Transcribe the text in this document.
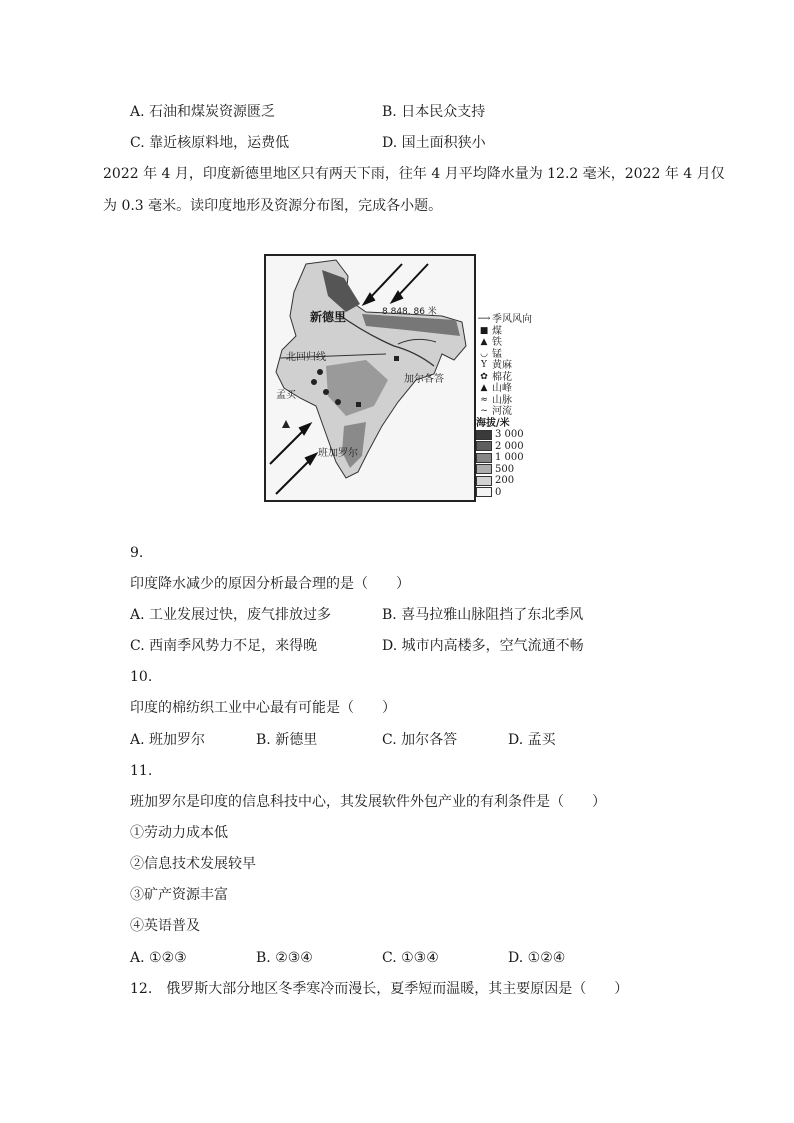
A. 石油和煤炭资源匮乏	B. 日本民众支持
C. 靠近核原料地，运费低	D. 国土面积狭小
2022 年 4 月，印度新德里地区只有两天下雨，往年 4 月平均降水量为 12.2 毫米，2022 年 4 月仅
为 0.3 毫米。读印度地形及资源分布图，完成各小题。
新德里	8 848. 86 米
北回归线
加尔各答
孟买
班加罗尔
⟶ 季风风向
■ 煤
▲ 铁
◡ 锰
Y 黄麻
✿ 棉花
▲ 山峰
≈ 山脉
~ 河流
海拔/米
3 000
2 000
1 000
500
200
0
9.
印度降水减少的原因分析最合理的是（　　）
A. 工业发展过快，废气排放过多	B. 喜马拉雅山脉阻挡了东北季风
C. 西南季风势力不足，来得晚	D. 城市内高楼多，空气流通不畅
10.
印度的棉纺织工业中心最有可能是（　　）
A. 班加罗尔	B. 新德里	C. 加尔各答	D. 孟买
11.
班加罗尔是印度的信息科技中心，其发展软件外包产业的有利条件是（　　）
①劳动力成本低
②信息技术发展较早
③矿产资源丰富
④英语普及
A. ①②③	B. ②③④	C. ①③④	D. ①②④
12.　俄罗斯大部分地区冬季寒冷而漫长，夏季短而温暖，其主要原因是（　　）
